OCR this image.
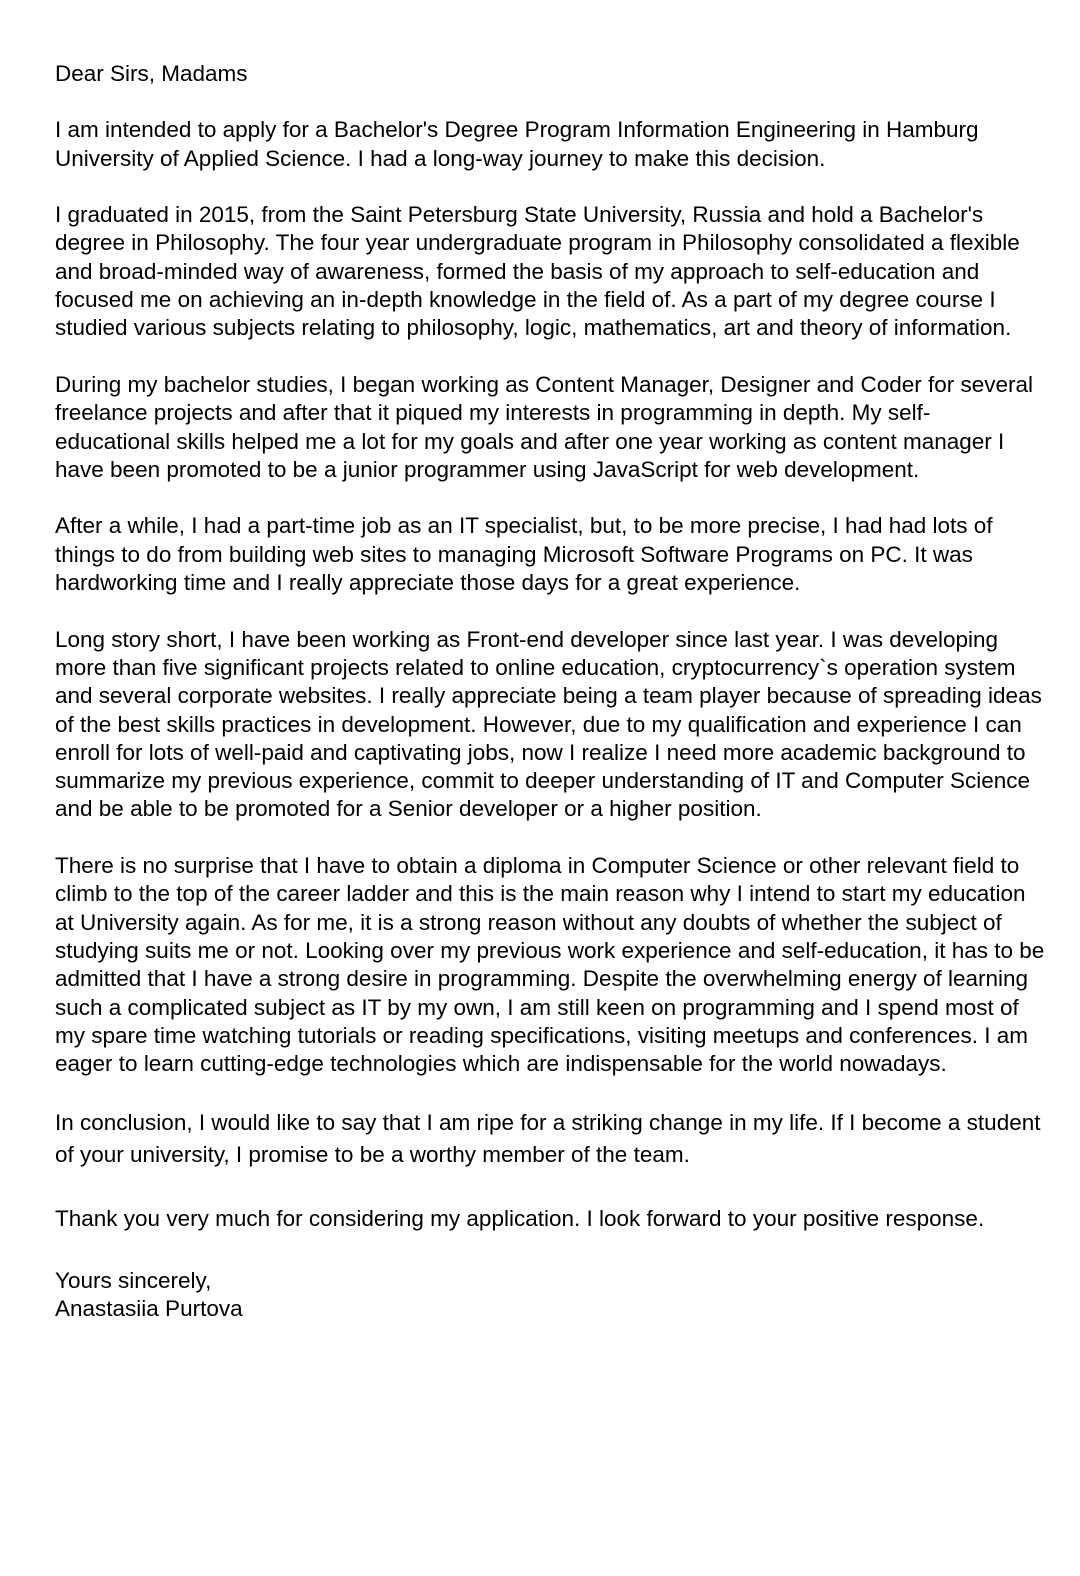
Dear Sirs, Madams

I am intended to apply for a Bachelor's Degree Program Information Engineering in Hamburg University of Applied Science. I had a long-way journey to make this decision.

I graduated in 2015, from the Saint Petersburg State University, Russia and hold a Bachelor's degree in Philosophy. The four year undergraduate program in Philosophy consolidated a flexible and broad-minded way of awareness, formed the basis of my approach to self-education and focused me on achieving an in-depth knowledge in the field of. As a part of my degree course I studied various subjects relating to philosophy, logic, mathematics, art and theory of information.

During my bachelor studies, I began working as Content Manager, Designer and Coder for several freelance projects and after that it piqued my interests in programming in depth. My self-educational skills helped me a lot for my goals and after one year working as content manager I have been promoted to be a junior programmer using JavaScript for web development.

After a while, I had a part-time job as an IT specialist, but, to be more precise, I had had lots of things to do from building web sites to managing Microsoft Software Programs on PC. It was hardworking time and I really appreciate those days for a great experience.

Long story short, I have been working as Front-end developer since last year. I was developing more than five significant projects related to online education, cryptocurrency`s operation system and several corporate websites. I really appreciate being a team player because of spreading ideas of the best skills practices in development. However, due to my qualification and experience I can enroll for lots of well-paid and captivating jobs, now I realize I need more academic background to summarize my previous experience, commit to deeper understanding of IT and Computer Science and be able to be promoted for a Senior developer or a higher position.

There is no surprise that I have to obtain a diploma in Computer Science or other relevant field to climb to the top of the career ladder and this is the main reason why I intend to start my education at University again. As for me, it is a strong reason without any doubts of whether the subject of studying suits me or not. Looking over my previous work experience and self-education, it has to be admitted that I have a strong desire in programming. Despite the overwhelming energy of learning such a complicated subject as IT by my own, I am still keen on programming and I spend most of my spare time watching tutorials or reading specifications, visiting meetups and conferences. I am eager to learn cutting-edge technologies which are indispensable for the world nowadays.

In conclusion, I would like to say that I am ripe for a striking change in my life. If I become a student of your university, I promise to be a worthy member of the team.

Thank you very much for considering my application. I look forward to your positive response.

Yours sincerely,
Anastasiia Purtova
